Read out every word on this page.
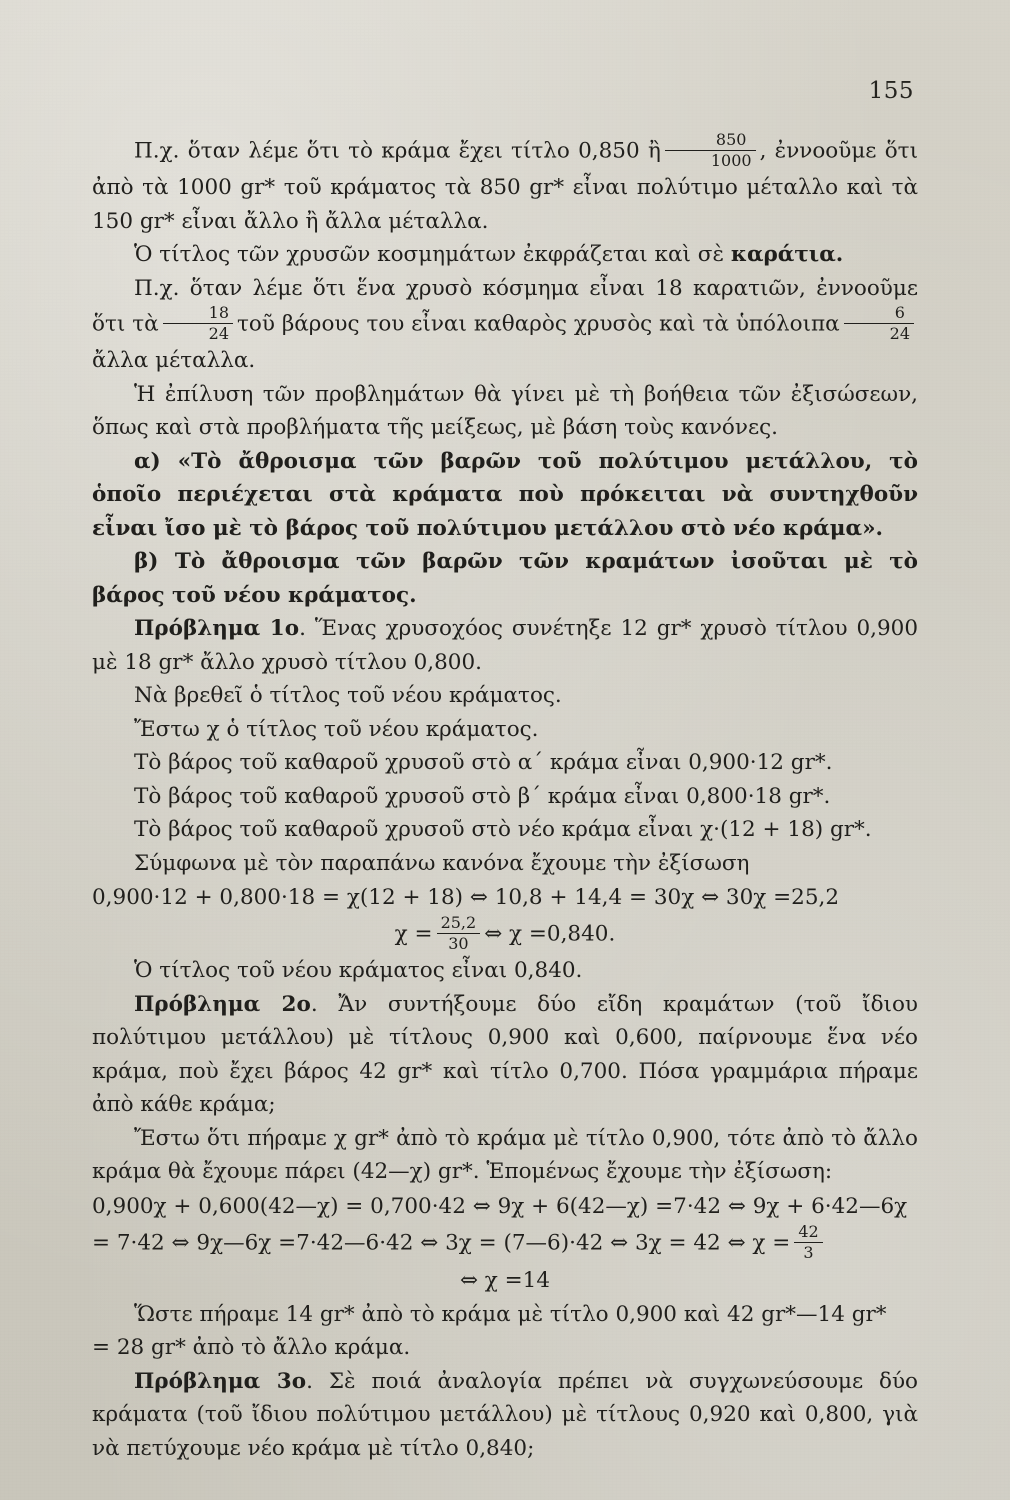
155

Π.χ. ὅταν λέμε ὅτι τὸ κράμα ἔχει τίτλο 0,850 ἢ $\frac{850}{1000}$ , ἐννοοῦμε ὅτι ἀπὸ τὰ 1000 gr* τοῦ κράματος τὰ 850 gr* εἶναι πολύτιμο μέταλλο καὶ τὰ 150 gr* εἶναι ἄλλο ἢ ἄλλα μέταλλα.

Ὁ τίτλος τῶν χρυσῶν κοσμημάτων ἐκφράζεται καὶ σὲ καράτια.

Π.χ. ὅταν λέμε ὅτι ἕνα χρυσὸ κόσμημα εἶναι 18 καρατιῶν, ἐννοοῦμε ὅτι τὰ $\frac{18}{24}$ τοῦ βάρους του εἶναι καθαρὸς χρυσὸς καὶ τὰ ὑπόλοιπα $\frac{6}{24}$
ἄλλα μέταλλα.

Ἡ ἐπίλυση τῶν προβλημάτων θὰ γίνει μὲ τὴ βοήθεια τῶν ἐξισώσεων, ὅπως καὶ στὰ προβλήματα τῆς μείξεως, μὲ βάση τοὺς κανόνες.

α) «Τὸ ἄθροισμα τῶν βαρῶν τοῦ πολύτιμου μετάλλου, τὸ ὁποῖο περιέχεται στὰ κράματα ποὺ πρόκειται νὰ συντηχθοῦν εἶναι ἴσο μὲ τὸ βάρος τοῦ πολύτιμου μετάλλου στὸ νέο κράμα».

β) Τὸ ἄθροισμα τῶν βαρῶν τῶν κραμάτων ἰσοῦται μὲ τὸ βάρος τοῦ νέου κράματος.

Πρόβλημα 1ο. Ἕνας χρυσοχόος συνέτηξε 12 gr* χρυσὸ τίτλου 0,900 μὲ 18 gr* ἄλλο χρυσὸ τίτλου 0,800.

Νὰ βρεθεῖ ὁ τίτλος τοῦ νέου κράματος.

Ἔστω χ ὁ τίτλος τοῦ νέου κράματος.

Τὸ βάρος τοῦ καθαροῦ χρυσοῦ στὸ α΄ κράμα εἶναι 0,900·12 gr*.

Τὸ βάρος τοῦ καθαροῦ χρυσοῦ στὸ β΄ κράμα εἶναι 0,800·18 gr*.

Τὸ βάρος τοῦ καθαροῦ χρυσοῦ στὸ νέο κράμα εἶναι χ·(12 + 18) gr*.

Σύμφωνα μὲ τὸν παραπάνω κανόνα ἔχουμε τὴν ἐξίσωση

0,900·12 + 0,800·18 = χ(12 + 18) ⇔ 10,8 + 14,4 = 30χ ⇔ 30χ =25,2

$\chi = \frac{25,2}{30}$ ⇔ χ =0,840.

Ὁ τίτλος τοῦ νέου κράματος εἶναι 0,840.

Πρόβλημα 2ο. Ἄν συντήξουμε δύο εἴδη κραμάτων (τοῦ ἴδιου πολύτιμου μετάλλου) μὲ τίτλους 0,900 καὶ 0,600, παίρνουμε ἕνα νέο κράμα, ποὺ ἔχει βάρος 42 gr* καὶ τίτλο 0,700. Πόσα γραμμάρια πήραμε ἀπὸ κάθε κράμα;

Ἔστω ὅτι πήραμε χ gr* ἀπὸ τὸ κράμα μὲ τίτλο 0,900, τότε ἀπὸ τὸ ἄλλο κράμα θὰ ἔχουμε πάρει (42—χ) gr*. Ἑπομένως ἔχουμε τὴν ἐξίσωση:

0,900χ + 0,600(42—χ) = 0,700·42 ⇔ 9χ + 6(42—χ) =7·42 ⇔ 9χ + 6·42—6χ

= 7·42 ⇔ 9χ—6χ =7·42—6·42 ⇔ 3χ = (7—6)·42 ⇔ 3χ = 42 ⇔ $\chi = \frac{42}{3}$

⇔ χ =14

Ὥστε πήραμε 14 gr* ἀπὸ τὸ κράμα μὲ τίτλο 0,900 καὶ 42 gr*—14 gr*

= 28 gr* ἀπὸ τὸ ἄλλο κράμα.

Πρόβλημα 3ο. Σὲ ποιά ἀναλογία πρέπει νὰ συγχωνεύσουμε δύο κράματα (τοῦ ἴδιου πολύτιμου μετάλλου) μὲ τίτλους 0,920 καὶ 0,800, γιὰ νὰ πετύχουμε νέο κράμα μὲ τίτλο 0,840;
